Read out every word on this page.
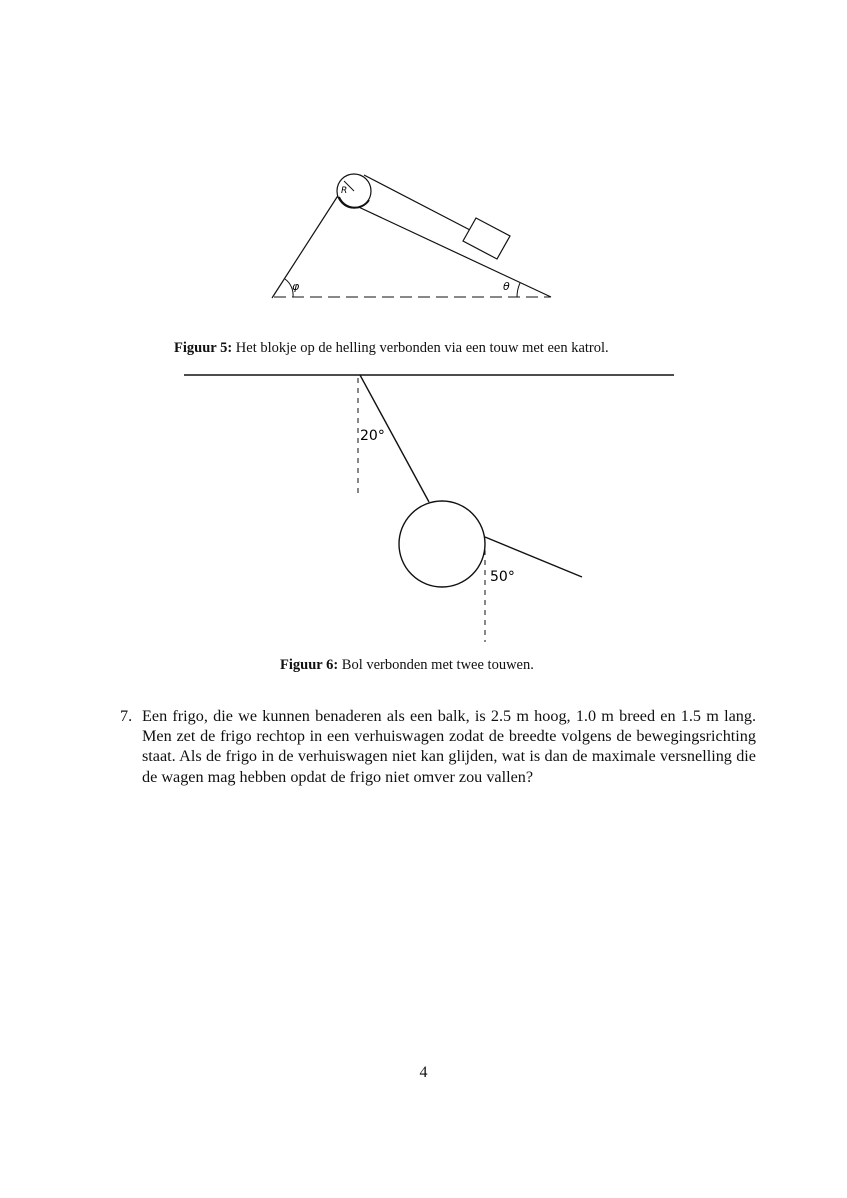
R
φ	θ
Figuur 5: Het blokje op de helling verbonden via een touw met een katrol.
20°
50°
Figuur 6: Bol verbonden met twee touwen.
7. Een frigo, die we kunnen benaderen als een balk, is 2.5 m hoog, 1.0 m breed en 1.5 m lang. Men zet de frigo rechtop in een verhuiswagen zodat de breedte volgens de bewegingsrichting staat. Als de frigo in de verhuiswagen niet kan glijden, wat is dan de maximale versnelling die de wagen mag hebben opdat de frigo niet omver zou vallen?
4
